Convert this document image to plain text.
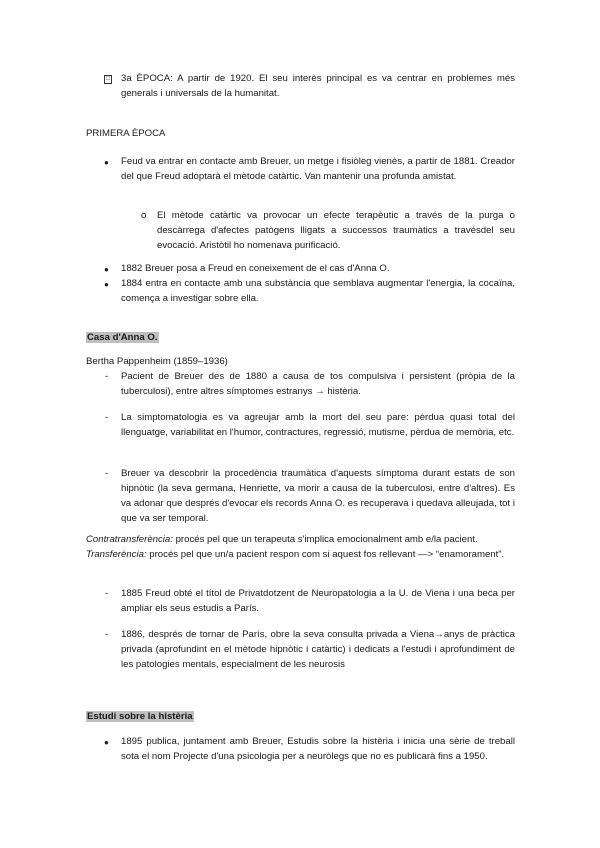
□ 3a ÈPOCA: A partir de 1920. El seu interès principal es va centrar en problemes més generals i universals de la humanitat.
PRIMERA ÈPOCA
● Feud va entrar en contacte amb Breuer, un metge i fisiòleg vienès, a partir de 1881. Creador del que Freud adoptarà el mètode catàrtic. Van mantenir una profunda amistat.
o El mètode catàrtic va provocar un efecte terapèutic a través de la purga o descàrrega d'afectes patògens lligats a successos traumàtics a travésdel seu evocació. Aristòtil ho nomenava purificació.
● 1882 Breuer posa a Freud en coneixement de el cas d'Anna O.
● 1884 entra en contacte amb una substància que semblava augmentar l'energia, la cocaïna, comença a investigar sobre ella.
Casa d'Anna O.
Bertha Pappenheim (1859–1936)
- Pacient de Breuer des de 1880 a causa de tos compulsiva i persistent (pròpia de la tuberculosi), entre altres símptomes estranys → histèria.
- La simptomatologia es va agreujar amb la mort del seu pare: pèrdua quasi total del llenguatge, variabilitat en l'humor, contractures, regressió, mutisme, pèrdua de memòria, etc.
- Breuer va descobrir la procedència traumàtica d'aquests símptoma durant estats de son hipnòtic (la seva germana, Henriette, va morir a causa de la tuberculosi, entre d'altres). Es va adonar que després d'evocar els records Anna O. es recuperava i quedava alleujada, tot i que va ser temporal.
Contratransferència: procés pel que un terapeuta s'implica emocionalment amb e/la pacient.
Transferència: procés pel que un/a pacient respon com si aquest fos rellevant —> “enamorament”.
- 1885 Freud obté el títol de Privatdotzent de Neuropatologia a la U. de Viena i una beca per ampliar els seus estudis a París.
- 1886, després de tornar de París, obre la seva consulta privada a Viena→anys de pràctica privada (aprofundint en el mètode hipnòtic i catàrtic) i dedicats a l'estudi i aprofundiment de les patologies mentals, especialment de les neurosis
Estudi sobre la histèria
● 1895 publica, juntament amb Breuer, Estudis sobre la histèria i inicia una sèrie de treball sota el nom Projecte d'una psicologia per a neuròlegs que no es publicarà fins a 1950.
